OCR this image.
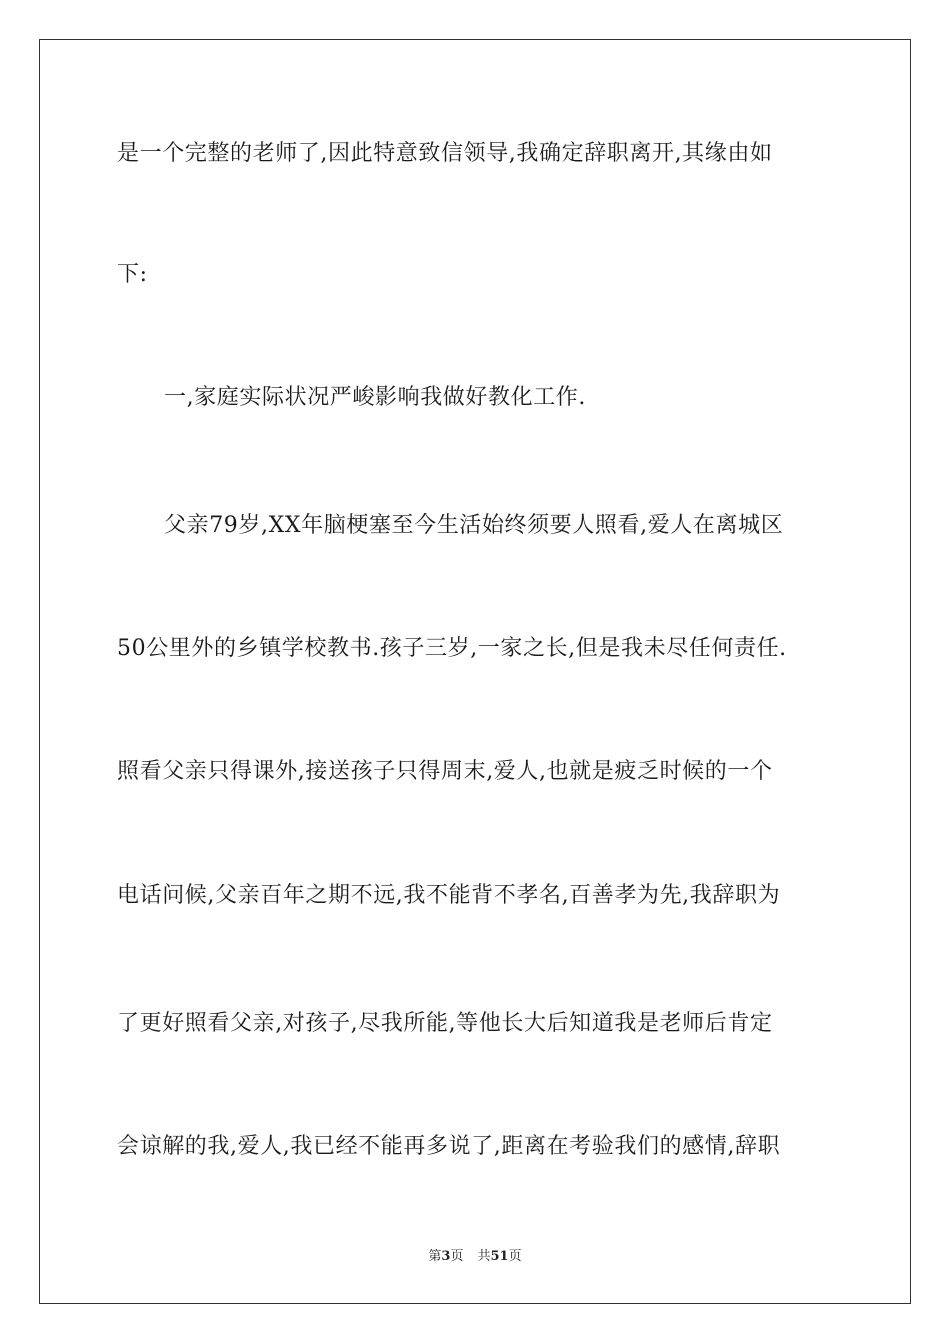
是一个完整的老师了,因此特意致信领导,我确定辞职离开,其缘由如
下:
一,家庭实际状况严峻影响我做好教化工作.
父亲79岁,XX年脑梗塞至今生活始终须要人照看,爱人在离城区
50公里外的乡镇学校教书.孩子三岁,一家之长,但是我未尽任何责任.
照看父亲只得课外,接送孩子只得周末,爱人,也就是疲乏时候的一个
电话问候,父亲百年之期不远,我不能背不孝名,百善孝为先,我辞职为
了更好照看父亲,对孩子,尽我所能,等他长大后知道我是老师后肯定
会谅解的我,爱人,我已经不能再多说了,距离在考验我们的感情,辞职
第3页 共51页
